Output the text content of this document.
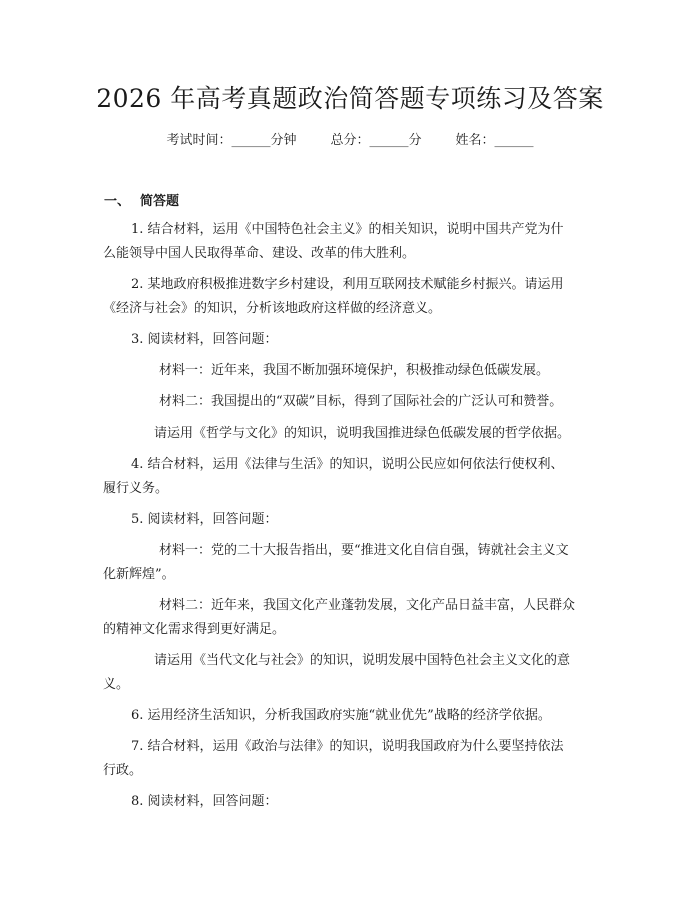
2026 年高考真题政治简答题专项练习及答案
考试时间：______分钟	总分：______分	姓名：______
一、 简答题
1. 结合材料，运用《中国特色社会主义》的相关知识，说明中国共产党为什
么能领导中国人民取得革命、建设、改革的伟大胜利。
2. 某地政府积极推进数字乡村建设，利用互联网技术赋能乡村振兴。请运用
《经济与社会》的知识，分析该地政府这样做的经济意义。
3. 阅读材料，回答问题：
材料一：近年来，我国不断加强环境保护，积极推动绿色低碳发展。
材料二：我国提出的“双碳”目标，得到了国际社会的广泛认可和赞誉。
请运用《哲学与文化》的知识，说明我国推进绿色低碳发展的哲学依据。
4. 结合材料，运用《法律与生活》的知识，说明公民应如何依法行使权利、
履行义务。
5. 阅读材料，回答问题：
材料一：党的二十大报告指出，要“推进文化自信自强，铸就社会主义文
化新辉煌”。
材料二：近年来，我国文化产业蓬勃发展，文化产品日益丰富，人民群众
的精神文化需求得到更好满足。
请运用《当代文化与社会》的知识，说明发展中国特色社会主义文化的意
义。
6. 运用经济生活知识，分析我国政府实施“就业优先”战略的经济学依据。
7. 结合材料，运用《政治与法律》的知识，说明我国政府为什么要坚持依法
行政。
8. 阅读材料，回答问题：
